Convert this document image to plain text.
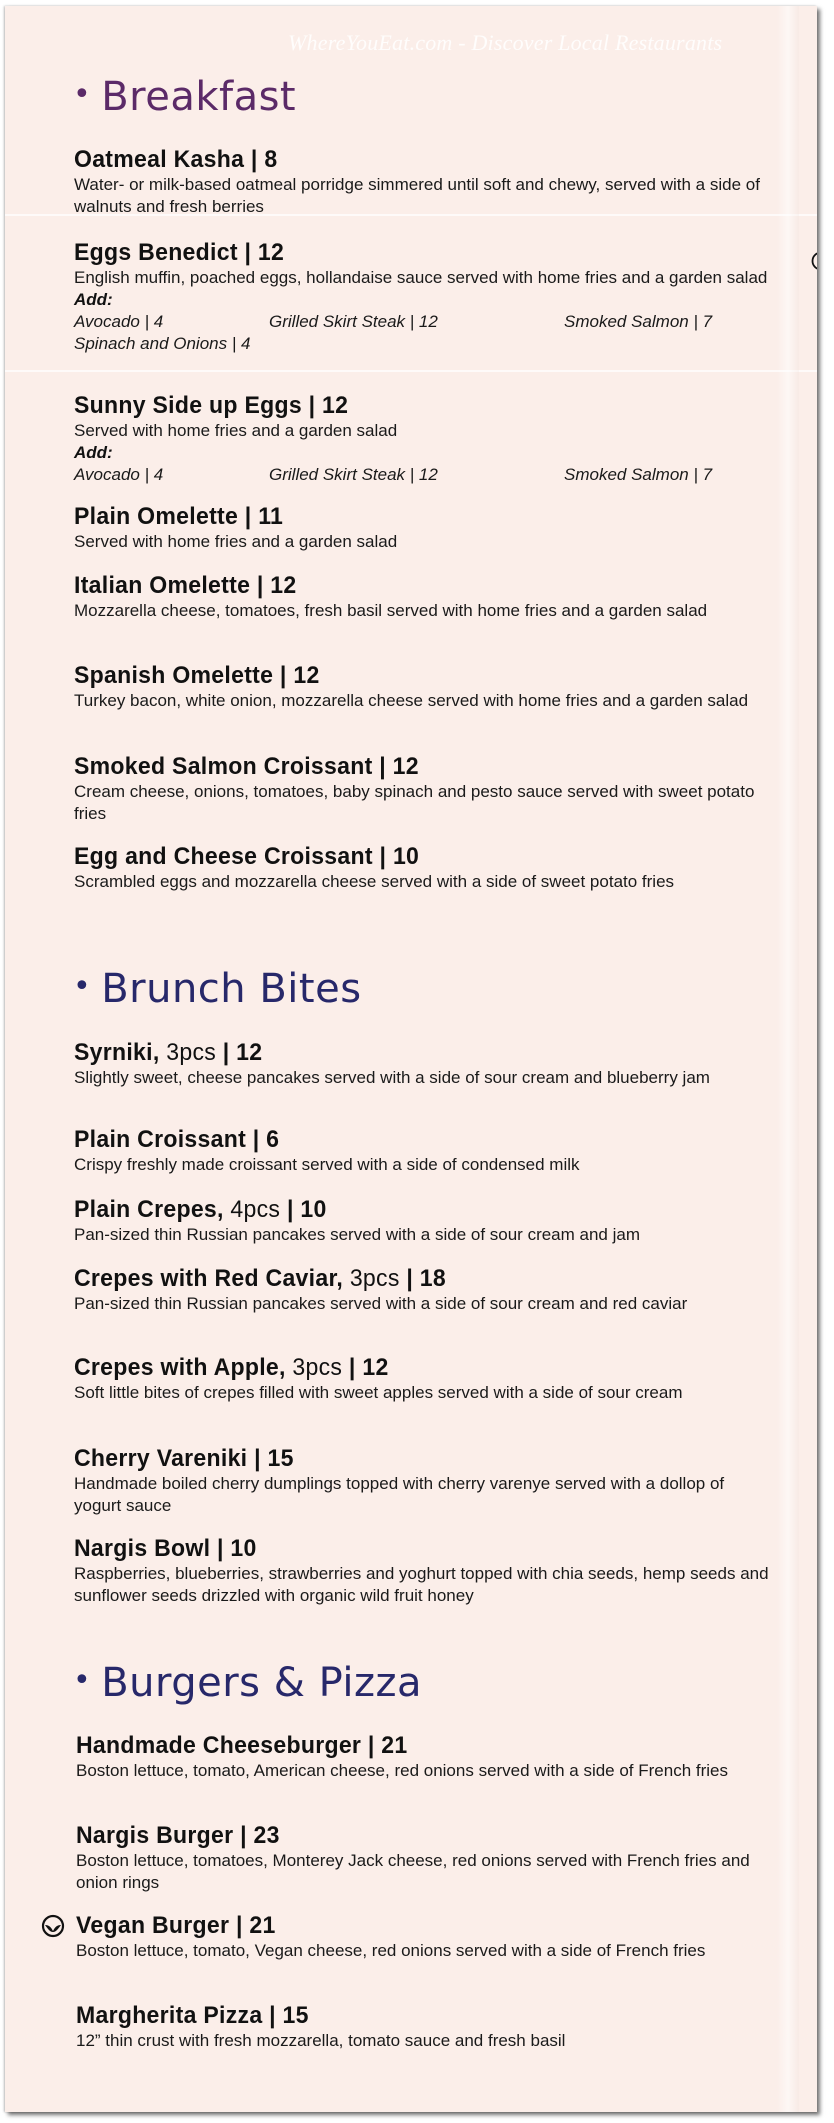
WhereYouEat.com - Discover Local Restaurants
• Breakfast
Oatmeal Kasha | 8
Water- or milk-based oatmeal porridge simmered until soft and chewy, served with a side of walnuts and fresh berries
Eggs Benedict | 12
English muffin, poached eggs, hollandaise sauce served with home fries and a garden salad
Add:
Avocado | 4	Grilled Skirt Steak | 12	Smoked Salmon | 7
Spinach and Onions | 4
Sunny Side up Eggs | 12
Served with home fries and a garden salad
Add:
Avocado | 4	Grilled Skirt Steak | 12	Smoked Salmon | 7
Plain Omelette | 11
Served with home fries and a garden salad
Italian Omelette | 12
Mozzarella cheese, tomatoes, fresh basil served with home fries and a garden salad
Spanish Omelette | 12
Turkey bacon, white onion, mozzarella cheese served with home fries and a garden salad
Smoked Salmon Croissant | 12
Cream cheese, onions, tomatoes, baby spinach and pesto sauce served with sweet potato fries
Egg and Cheese Croissant | 10
Scrambled eggs and mozzarella cheese served with a side of sweet potato fries
• Brunch Bites
Syrniki, 3pcs | 12
Slightly sweet, cheese pancakes served with a side of sour cream and blueberry jam
Plain Croissant | 6
Crispy freshly made croissant served with a side of condensed milk
Plain Crepes, 4pcs | 10
Pan-sized thin Russian pancakes served with a side of sour cream and jam
Crepes with Red Caviar, 3pcs | 18
Pan-sized thin Russian pancakes served with a side of sour cream and red caviar
Crepes with Apple, 3pcs | 12
Soft little bites of crepes filled with sweet apples served with a side of sour cream
Cherry Vareniki | 15
Handmade boiled cherry dumplings topped with cherry varenye served with a dollop of yogurt sauce
Nargis Bowl | 10
Raspberries, blueberries, strawberries and yoghurt topped with chia seeds, hemp seeds and sunflower seeds drizzled with organic wild fruit honey
• Burgers & Pizza
Handmade Cheeseburger | 21
Boston lettuce, tomato, American cheese, red onions served with a side of French fries
Nargis Burger | 23
Boston lettuce, tomatoes, Monterey Jack cheese, red onions served with French fries and onion rings
Vegan Burger | 21
Boston lettuce, tomato, Vegan cheese, red onions served with a side of French fries
Margherita Pizza | 15
12” thin crust with fresh mozzarella, tomato sauce and fresh basil
